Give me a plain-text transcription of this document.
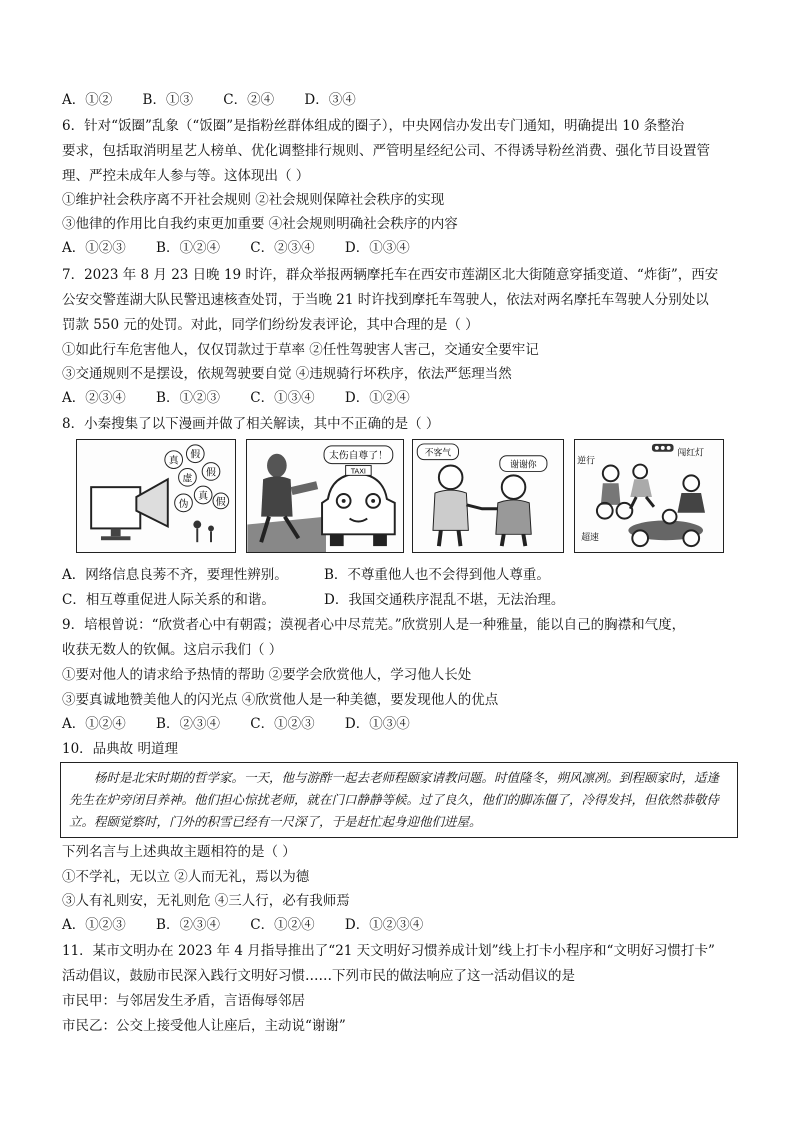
A．①② B．①③ C．②④ D．③④
6．针对“饭圈”乱象（“饭圈”是指粉丝群体组成的圈子），中央网信办发出专门通知，明确提出 10 条整治
要求，包括取消明星艺人榜单、优化调整排行规则、严管明星经纪公司、不得诱导粉丝消费、强化节目设置管
理、严控未成年人参与等。这体现出（ ）
①维护社会秩序离不开社会规则 ②社会规则保障社会秩序的实现
③他律的作用比自我约束更加重要 ④社会规则明确社会秩序的内容
A．①②③ B．①②④ C．②③④ D．①③④
7．2023 年 8 月 23 日晚 19 时许，群众举报两辆摩托车在西安市莲湖区北大街随意穿插变道、“炸街”，西安
公安交警莲湖大队民警迅速核查处罚，于当晚 21 时许找到摩托车驾驶人，依法对两名摩托车驾驶人分别处以
罚款 550 元的处罚。对此，同学们纷纷发表评论，其中合理的是（ ）
①如此行车危害他人，仅仅罚款过于草率 ②任性驾驶害人害己，交通安全要牢记
③交通规则不是摆设，依规驾驶要自觉 ④违规骑行坏秩序，依法严惩理当然
A．②③④ B．①②③ C．①③④ D．①②④
8．小秦搜集了以下漫画并做了相关解读，其中不正确的是（ ）
真
假
虚
假
真
伪	假
太伤自尊了！
TAXI
不客气
谢谢你
闯红灯
逆行
超速
A．网络信息良莠不齐，要理性辨别。	B．不尊重他人也不会得到他人尊重。
C．相互尊重促进人际关系的和谐。	D．我国交通秩序混乱不堪，无法治理。
9．培根曾说：“欣赏者心中有朝霞；漠视者心中尽荒芜。”欣赏别人是一种雅量，能以自己的胸襟和气度，
收获无数人的钦佩。这启示我们（ ）
①要对他人的请求给予热情的帮助 ②要学会欣赏他人，学习他人长处
③要真诚地赞美他人的闪光点 ④欣赏他人是一种美德，要发现他人的优点
A．①②④ B．②③④ C．①②③ D．①③④
10．品典故 明道理
杨时是北宋时期的哲学家。一天，他与游酢一起去老师程颐家请教问题。时值隆冬，朔风凛冽。到程颐家时，适逢先生在炉旁闭目养神。他们担心惊扰老师，就在门口静静等候。过了良久，他们的脚冻僵了，冷得发抖，但依然恭敬侍立。程颐觉察时，门外的积雪已经有一尺深了，于是赶忙起身迎他们进屋。
下列名言与上述典故主题相符的是（ ）
①不学礼，无以立 ②人而无礼，焉以为德
③人有礼则安，无礼则危 ④三人行，必有我师焉
A．①②③ B．②③④ C．①②④ D．①②③④
11．某市文明办在 2023 年 4 月指导推出了“21 天文明好习惯养成计划”线上打卡小程序和“文明好习惯打卡”
活动倡议，鼓励市民深入践行文明好习惯……下列市民的做法响应了这一活动倡议的是
市民甲：与邻居发生矛盾，言语侮辱邻居
市民乙：公交上接受他人让座后，主动说“谢谢”
